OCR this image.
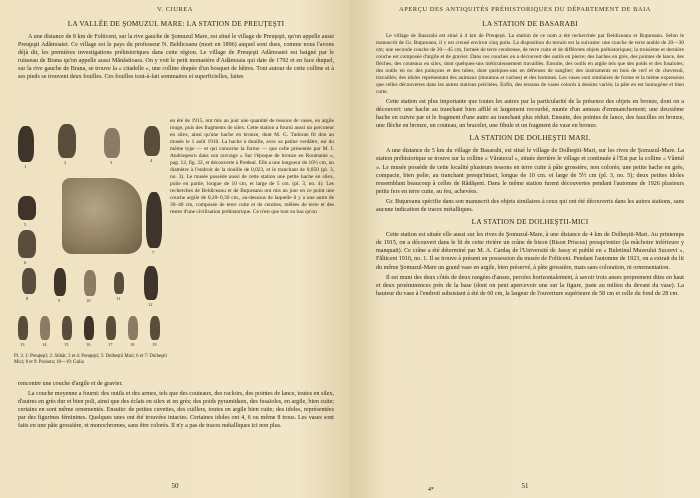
V. CIUREA
LA VALLÉE DE ŞOMUZUL MARE: LA STATION DE PREUŢEŞTI

A une distance de 8 km de Folticeni, sur la rive gauche de Şomuzul Mare, est situé le village de Preuţeşti, qu'on appelle aussi Preuţeşti Adămoaiei. Ce village est le pays du professeur N. Beldiceanu (mort en 1896) auquel sont dues, comme nous l'avons déjà dit, les premières investigations préhistoriques dans cette région. Le village de Preuţeşti Adămoaiei est baigné par le ruisseau de Brana qu'on appelle aussi Mănăstioara. On y voit le petit monastère d'Adămoaia qui date de 1792 et en face duquel, sur la rive gauche de Brana, se trouve la « citadelle », une colline drapée d'un bosquet de hêtres. Tout autour de cette colline et à ses pieds se trouvent deux fouilles. Ces fouilles tout-à-fait sommaires et superficielles, faites

1
2	3	4
5
6
7
8	9	10	11
12
13	14	15	16	17	18	19
Pl. 3. 1: Preuţeşti; 2: Stibăt; 3 et 4: Preuţeşti; 5: Dolheştii Mari; 6 et 7: Dolheştii Mici; 8 et 9: Probota; 10—19: Gulia

en été de 1915, ont mis au jour une quantité de tessons de vases, en argile rouge, puis des fragments de silex. Cette station a fourni aussi un percuteur en silex, ainsi qu'une hache en bronze, dont M. G. Tudoran fit don au musée le 1 août 1916. La hache à douille, avec sa patine verdâtre, est du même type — et qui concerne la forme — que celle présentée par M. I. Andrieşescu dans son ouvrage « Sur l'époque de bronze en Roumanie », pag. 12, fig. 22, et découverte à Predeal. Elle a une longueur de 10½ cm, un diamètre à l'endroit de la douille de 0,023, et le tranchant de 0,050 (pl. 3, no. 3). Le musée possède aussi de cette station une petite hache en silex, polie en partie, longue de 10 cm, et large de 5 cm. (pl. 3, no. 4). Les recherches de Beldiceanu et de Buţureanu ont mis au jour en ce point une couche argile de 0,20–0,30 cm., au-dessous de laquelle il y a une autre de 30–40 cm, composée de terre cuite et de cendres, mêlées de terre et des restes d'une civilisation préhistorique. Ce n'est que tout en bas qu'on

rencontre une couche d'argile et de gravier.

La couche moyenne a fourni: des outils et des armes, tels que des couteaux, des racloirs, des pointes de lance, toutes en silex, d'autres en grès dur et bien poli, ainsi que des éclats en silex et en grès; des poids pyramidaux, des fusaïoles, en argile, bien cuite; certains en sont même ornementés. Ensuite: de petites cuvettes, des cuillers, toutes en argile bien cuite; des idoles, représentées par des figurines féminines. Quelques unes ont été trouvées intactes. Certaines idoles ont 4, 6 ou même 8 trous. Les vases sont faits en une pâte grossière, et monochromes, sans être colorés. Il n'y a pas de traces métalliques ici non plus.

50
APERÇU DES ANTIQUITÉS PRÉHISTORIQUES DU DÉPARTEMENT DE BAIA
LA STATION DE BASARABI

Le village de Basarabi est situé à 4 km de Preuţeşti. La station de ce nom a été recherchée par Beldiceanu et Buţureanu. Selon le manuscrit de Gr. Buţureanu, il y est creusé environ cinq puits. La disposition du terrain est la suivante: une couche de terre arable de 20—30 cm; une seconde couche de 30—45 cm, formée de terre cendreuse, de terre cuite et de différents objets préhistoriques; la troisième et dernière couche est composée d'argile et de gravier. Dans ces couches on a découvert des outils en pierre; des haches en grès, des pointes de lance, des flèches, des couteaux en silex, dont quelques-uns méticuleusement travaillés. Ensuite, des outils en argile tels que des poids et des fusaïoles; des outils en os: des poinçons et des tubes, dont quelques-uns en défenses de sanglier; des instruments en bois de cerf et de chevreuil, travaillés; des idoles représentant des animaux (moutons et vaches) et des hommes. Les vases sont similaires de forme et la même expression que celles découvertes dans les autres stations précitées. Enfin, des tessons de vases colorés à dessins variés; la pâte en est homogène et bien cuite.

Cette station est plus importante que toutes les autres par la particularité de la présence des objets en bronze, dont on a découvert: une hache au tranchant bien affilé et largement recourbé, munie d'un anneau d'emmanchement; une deuxième hache en cuivre par et le fragment d'une autre au tranchant plus réduit. Ensuite, des pointes de lance, des faucilles en bronze, une flèche en bronze, un couteau, un bracelet, une fibule et un fragment de vase en bronze.

LA STATION DE DOLHEŞTII MARI.

A une distance de 5 km du village de Basarabi, est situé le village de Dolheştii-Mari, sur les rives de Şomuzul-Mare. La station préhistorique se trouve sur la colline « Văratecul », située derrière le village et continuée à l'Est par la colline « Vântul ». Le musée possède de cette localité plusieurs tessons en terre cuite à pâte grossière, non colorés; une petite hache en grès, compacte, bien polie, au tranchant presqu'intact, longue de 10 cm. et large de 5½ cm (pl. 3, no. 5); deux petites idoles ressemblant beaucoup à celles de Rădăşeni. Dans le même station furent découvertes pendant l'automne de 1926 plusieurs petits fers en terre cuite, au feu, achevées.

Gr. Buţureanu spécifie dans son manuscrit des objets similaires à ceux qui ont été découverts dans les autres stations, sans aucune indication de traces métalliques.

LA STATION DE DOLHEŞTII-MICI

Cette station est située elle aussi sur les rives de Şomuzul-Mare, à une distance de 4 km de Dolheştii-Mari. Au printemps de 1915, on a découvert dans le lit de cette rivière un crâne de bison (Bison Priscus) presqu'entier (la mâchoire inférieure y manquait). Ce crâne a été déterminé par M. A. Cardaş de l'Université de Jassy et publié en « Buletinul Muzeului Suceevi », Fălticeni 1916, no. 1. Il se trouve à présent en possession du musée de Folticeni. Pendant l'automne de 1923, on a extrait du lit du même Şomuzul-Mare un grand vase en argile, bien préservé, à pâte grossière, mais sans coloration, ni ornementation.

Il est muni des deux côtés de deux rangées d'anses, percées horizontalement, à savoir trois anses proprement dites en haut et deux proéminences près de la base (dont on peut apercevoir une sur la figure, juste au milieu du devant du vase). La hauteur du vase à l'endroit subsistant à été de 60 cm, la largeur de l'ouverture supérieure de 58 cm et celle du fond de 28 cm.

4*	51
